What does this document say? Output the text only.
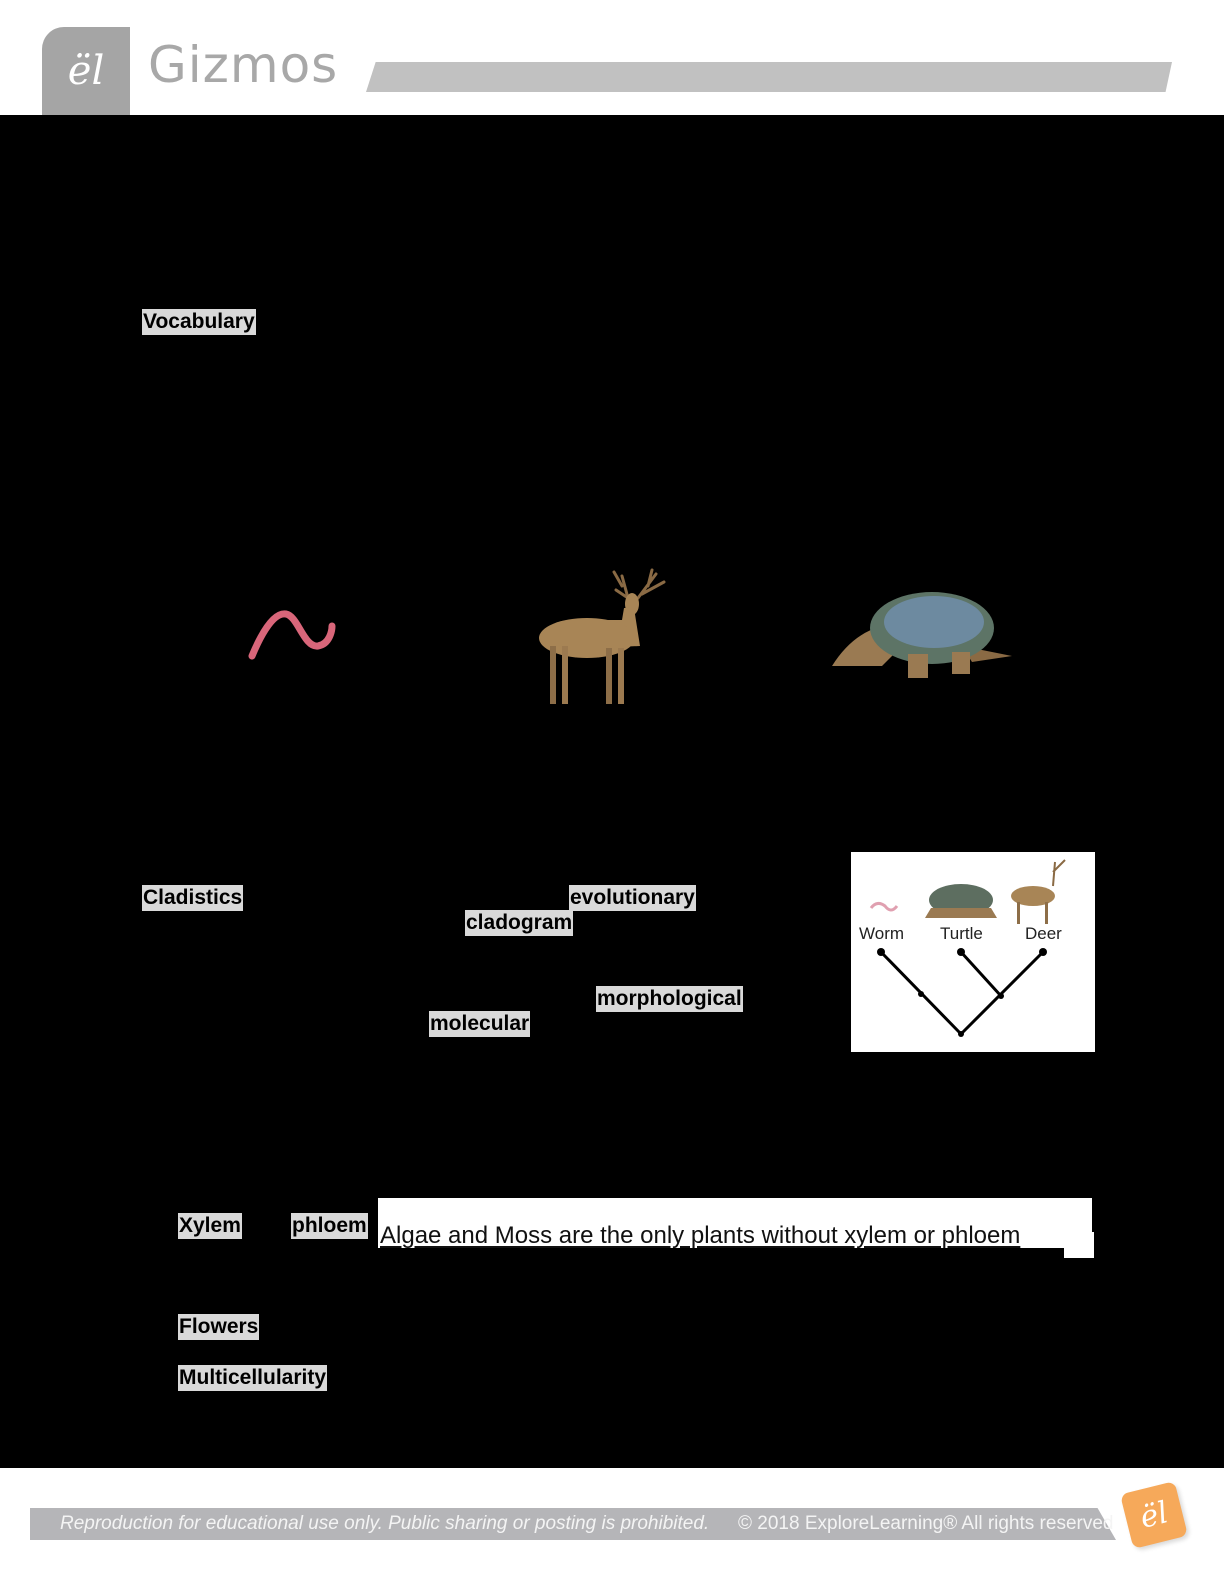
ël Gizmos
Vocabulary
Cladistics	evolutionary
cladogram
morphological
molecular
Worm Turtle Deer
Xylem phloem Algae and Moss are the only plants without xylem or phloem
Flowers
Multicellularity
Reproduction for educational use only. Public sharing or posting is prohibited. © 2018 ExploreLearning® All rights reserved ël
